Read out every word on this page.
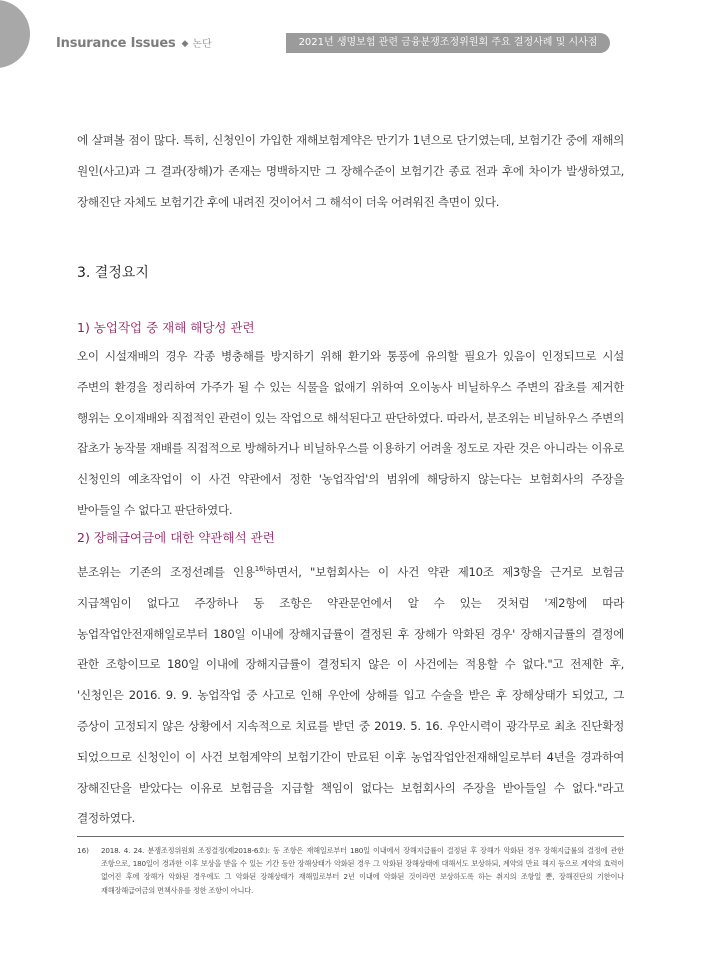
Insurance Issues ◆ 논단	2021년 생명보험 관련 금융분쟁조정위원회 주요 결정사례 및 시사점

에 살펴볼 점이 많다. 특히, 신청인이 가입한 재해보험계약은 만기가 1년으로 단기였는데, 보험기간 중에 재해의 원인(사고)과 그 결과(장해)가 존재는 명백하지만 그 장해수준이 보험기간 종료 전과 후에 차이가 발생하였고, 장해진단 자체도 보험기간 후에 내려진 것이어서 그 해석이 더욱 어려워진 측면이 있다.

3. 결정요지
1) 농업작업 중 재해 해당성 관련

오이 시설재배의 경우 각종 병충해를 방지하기 위해 환기와 통풍에 유의할 필요가 있음이 인정되므로 시설 주변의 환경을 정리하여 가주가 될 수 있는 식물을 없애기 위하여 오이농사 비닐하우스 주변의 잡초를 제거한 행위는 오이재배와 직접적인 관련이 있는 작업으로 해석된다고 판단하였다. 따라서, 분조위는 비닐하우스 주변의 잡초가 농작물 재배를 직접적으로 방해하거나 비닐하우스를 이용하기 어려울 정도로 자란 것은 아니라는 이유로 신청인의 예초작업이 이 사건 약관에서 정한 '농업작업'의 범위에 해당하지 않는다는 보험회사의 주장을 받아들일 수 없다고 판단하였다.

2) 장해급여금에 대한 약관해석 관련

분조위는 기존의 조정선례를 인용$^{16)}$하면서, "보험회사는 이 사건 약관 제10조 제3항을 근거로 보험금 지급책임이 없다고 주장하나 동 조항은 약관문언에서 알 수 있는 것처럼 '제2항에 따라 농업작업안전재해일로부터 180일 이내에 장해지급률이 결정된 후 장해가 악화된 경우' 장해지급률의 결정에 관한 조항이므로 180일 이내에 장해지급률이 결정되지 않은 이 사건에는 적용할 수 없다."고 전제한 후, '신청인은 2016. 9. 9. 농업작업 중 사고로 인해 우안에 상해를 입고 수술을 받은 후 장해상태가 되었고, 그 증상이 고정되지 않은 상황에서 지속적으로 치료를 받던 중 2019. 5. 16. 우안시력이 광각무로 최초 진단확정 되었으므로 신청인이 이 사건 보험계약의 보험기간이 만료된 이후 농업작업안전재해일로부터 4년을 경과하여 장해진단을 받았다는 이유로 보험금을 지급할 책임이 없다는 보험회사의 주장을 받아들일 수 없다."라고 결정하였다.

16) 2018. 4. 24. 분쟁조정위원회 조정결정(제2018-6호): 동 조항은 재해일로부터 180일 이내에서 장해지급률이 결정된 후 장해가 악화된 경우 장해지급률의 결정에 관한 조항으로, 180일이 경과한 이후 보상을 받을 수 있는 기간 동안 장해상태가 악화된 경우 그 악화된 장해상태에 대해서도 보상하되, 계약의 만료 해지 등으로 계약의 효력이 없어진 후에 장해가 악화된 경우에도 그 악화된 장해상태가 재해일로부터 2년 이내에 악화된 것이라면 보상하도록 하는 취지의 조항일 뿐, 장해진단의 기한이나 재해장해급여금의 면책사유를 정한 조항이 아니다.
